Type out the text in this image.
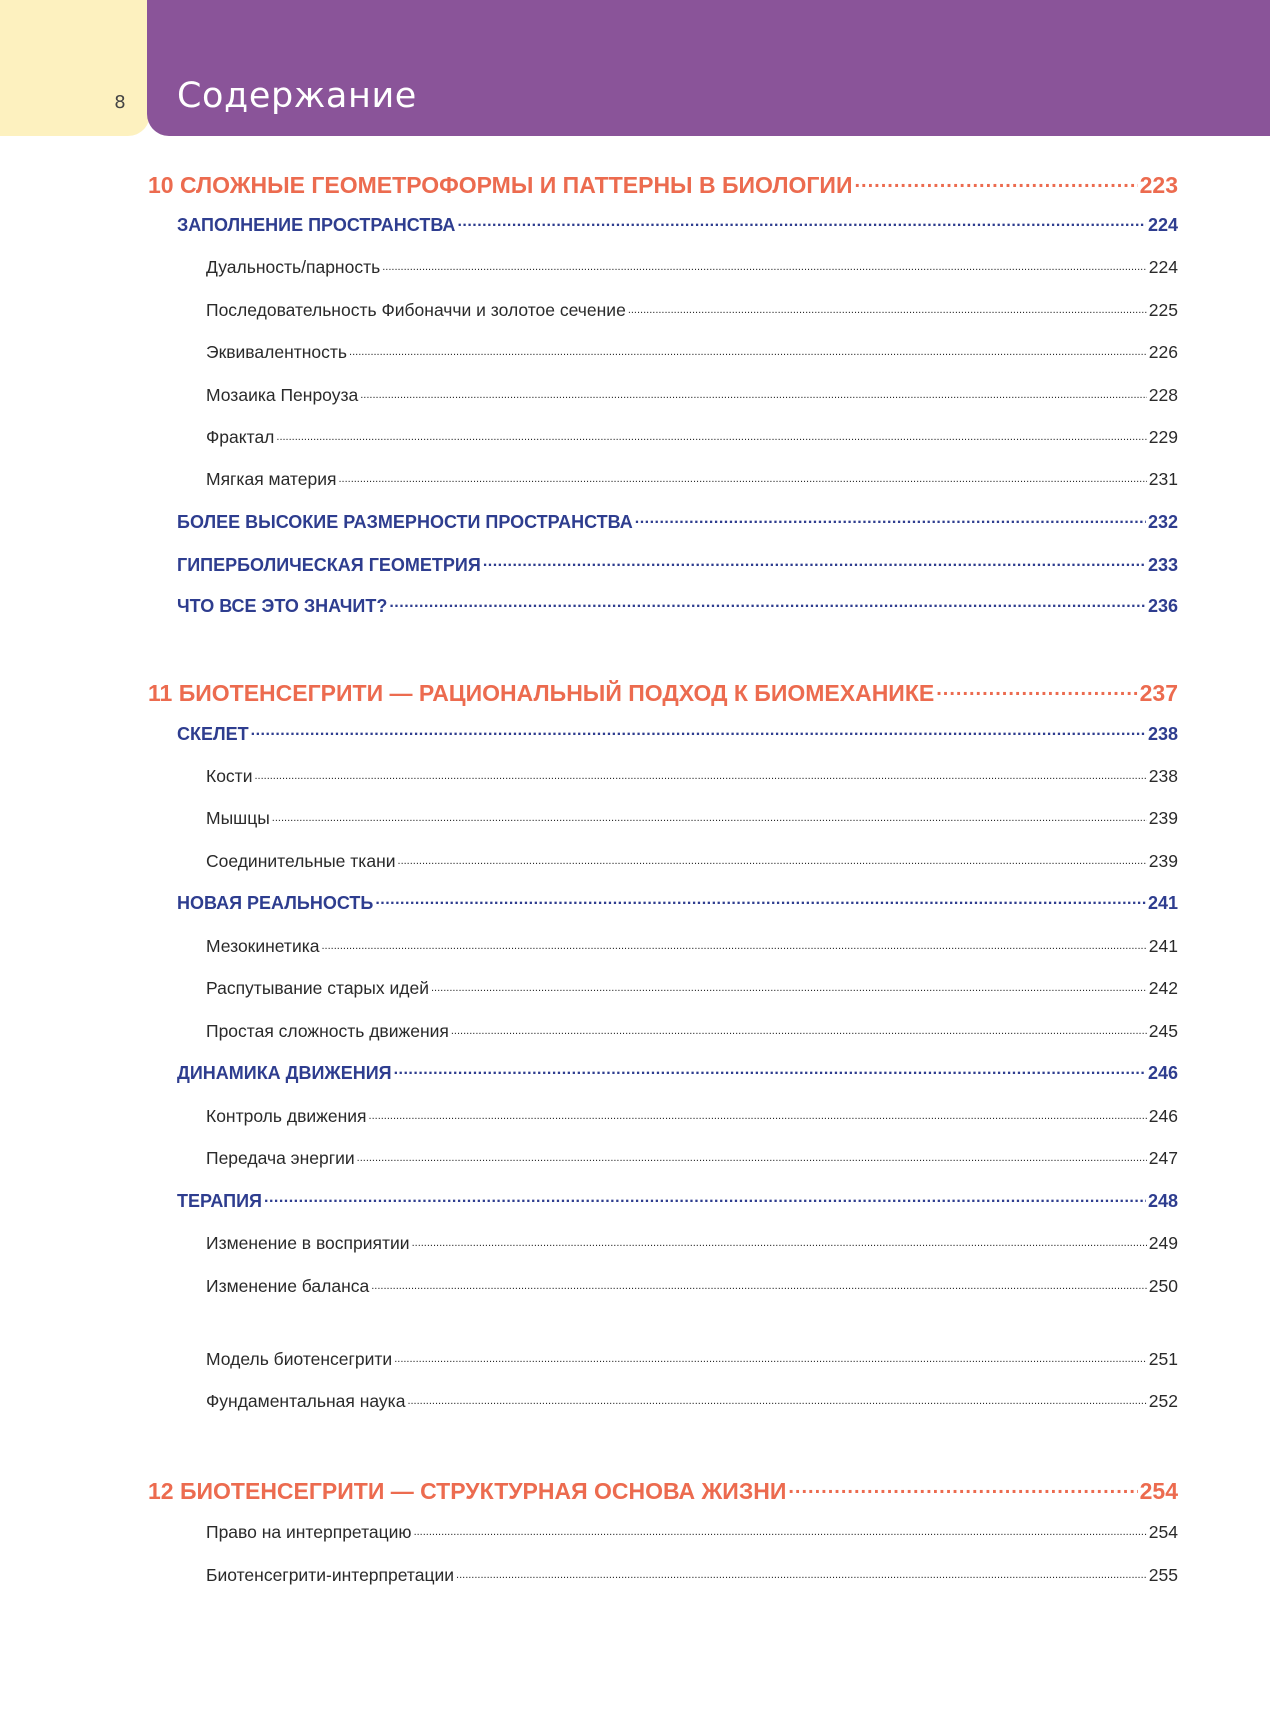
8	Содержание
10 СЛОЖНЫЕ ГЕОМЕТРОФОРМЫ И ПАТТЕРНЫ В БИОЛОГИИ .....	223
ЗАПОЛНЕНИЕ ПРОСТРАНСТВА .....	224
Дуальность/парность .....	224
Последовательность Фибоначчи и золотое сечение .....	225
Эквивалентность .....	226
Мозаика Пенроуза .....	228
Фрактал .....	229
Мягкая материя .....	231
БОЛЕЕ ВЫСОКИЕ РАЗМЕРНОСТИ ПРОСТРАНСТВА .....	232
ГИПЕРБОЛИЧЕСКАЯ ГЕОМЕТРИЯ .....	233
ЧТО ВСЕ ЭТО ЗНАЧИТ? .....	236
11 БИОТЕНСЕГРИТИ — РАЦИОНАЛЬНЫЙ ПОДХОД К БИОМЕХАНИКЕ .....	237
СКЕЛЕТ .....	238
Кости .....	238
Мышцы .....	239
Соединительные ткани .....	239
НОВАЯ РЕАЛЬНОСТЬ .....	241
Мезокинетика .....	241
Распутывание старых идей .....	242
Простая сложность движения .....	245
ДИНАМИКА ДВИЖЕНИЯ .....	246
Контроль движения .....	246
Передача энергии .....	247
ТЕРАПИЯ .....	248
Изменение в восприятии .....	249
Изменение баланса .....	250
Модель биотенсегрити .....	251
Фундаментальная наука .....	252
12 БИОТЕНСЕГРИТИ — СТРУКТУРНАЯ ОСНОВА ЖИЗНИ .....	254
Право на интерпретацию .....	254
Биотенсегрити-интерпретации .....	255
